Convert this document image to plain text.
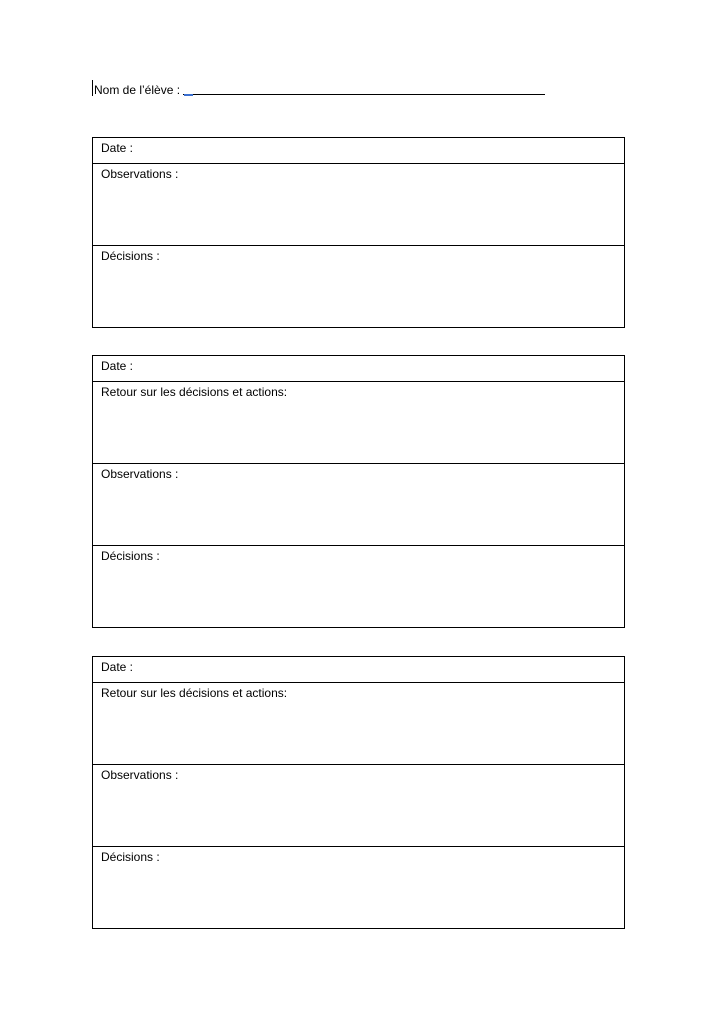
Nom de l’élève :
Date :
Observations :
Décisions :
Date :
Retour sur les décisions et actions:
Observations :
Décisions :
Date :
Retour sur les décisions et actions:
Observations :
Décisions :
